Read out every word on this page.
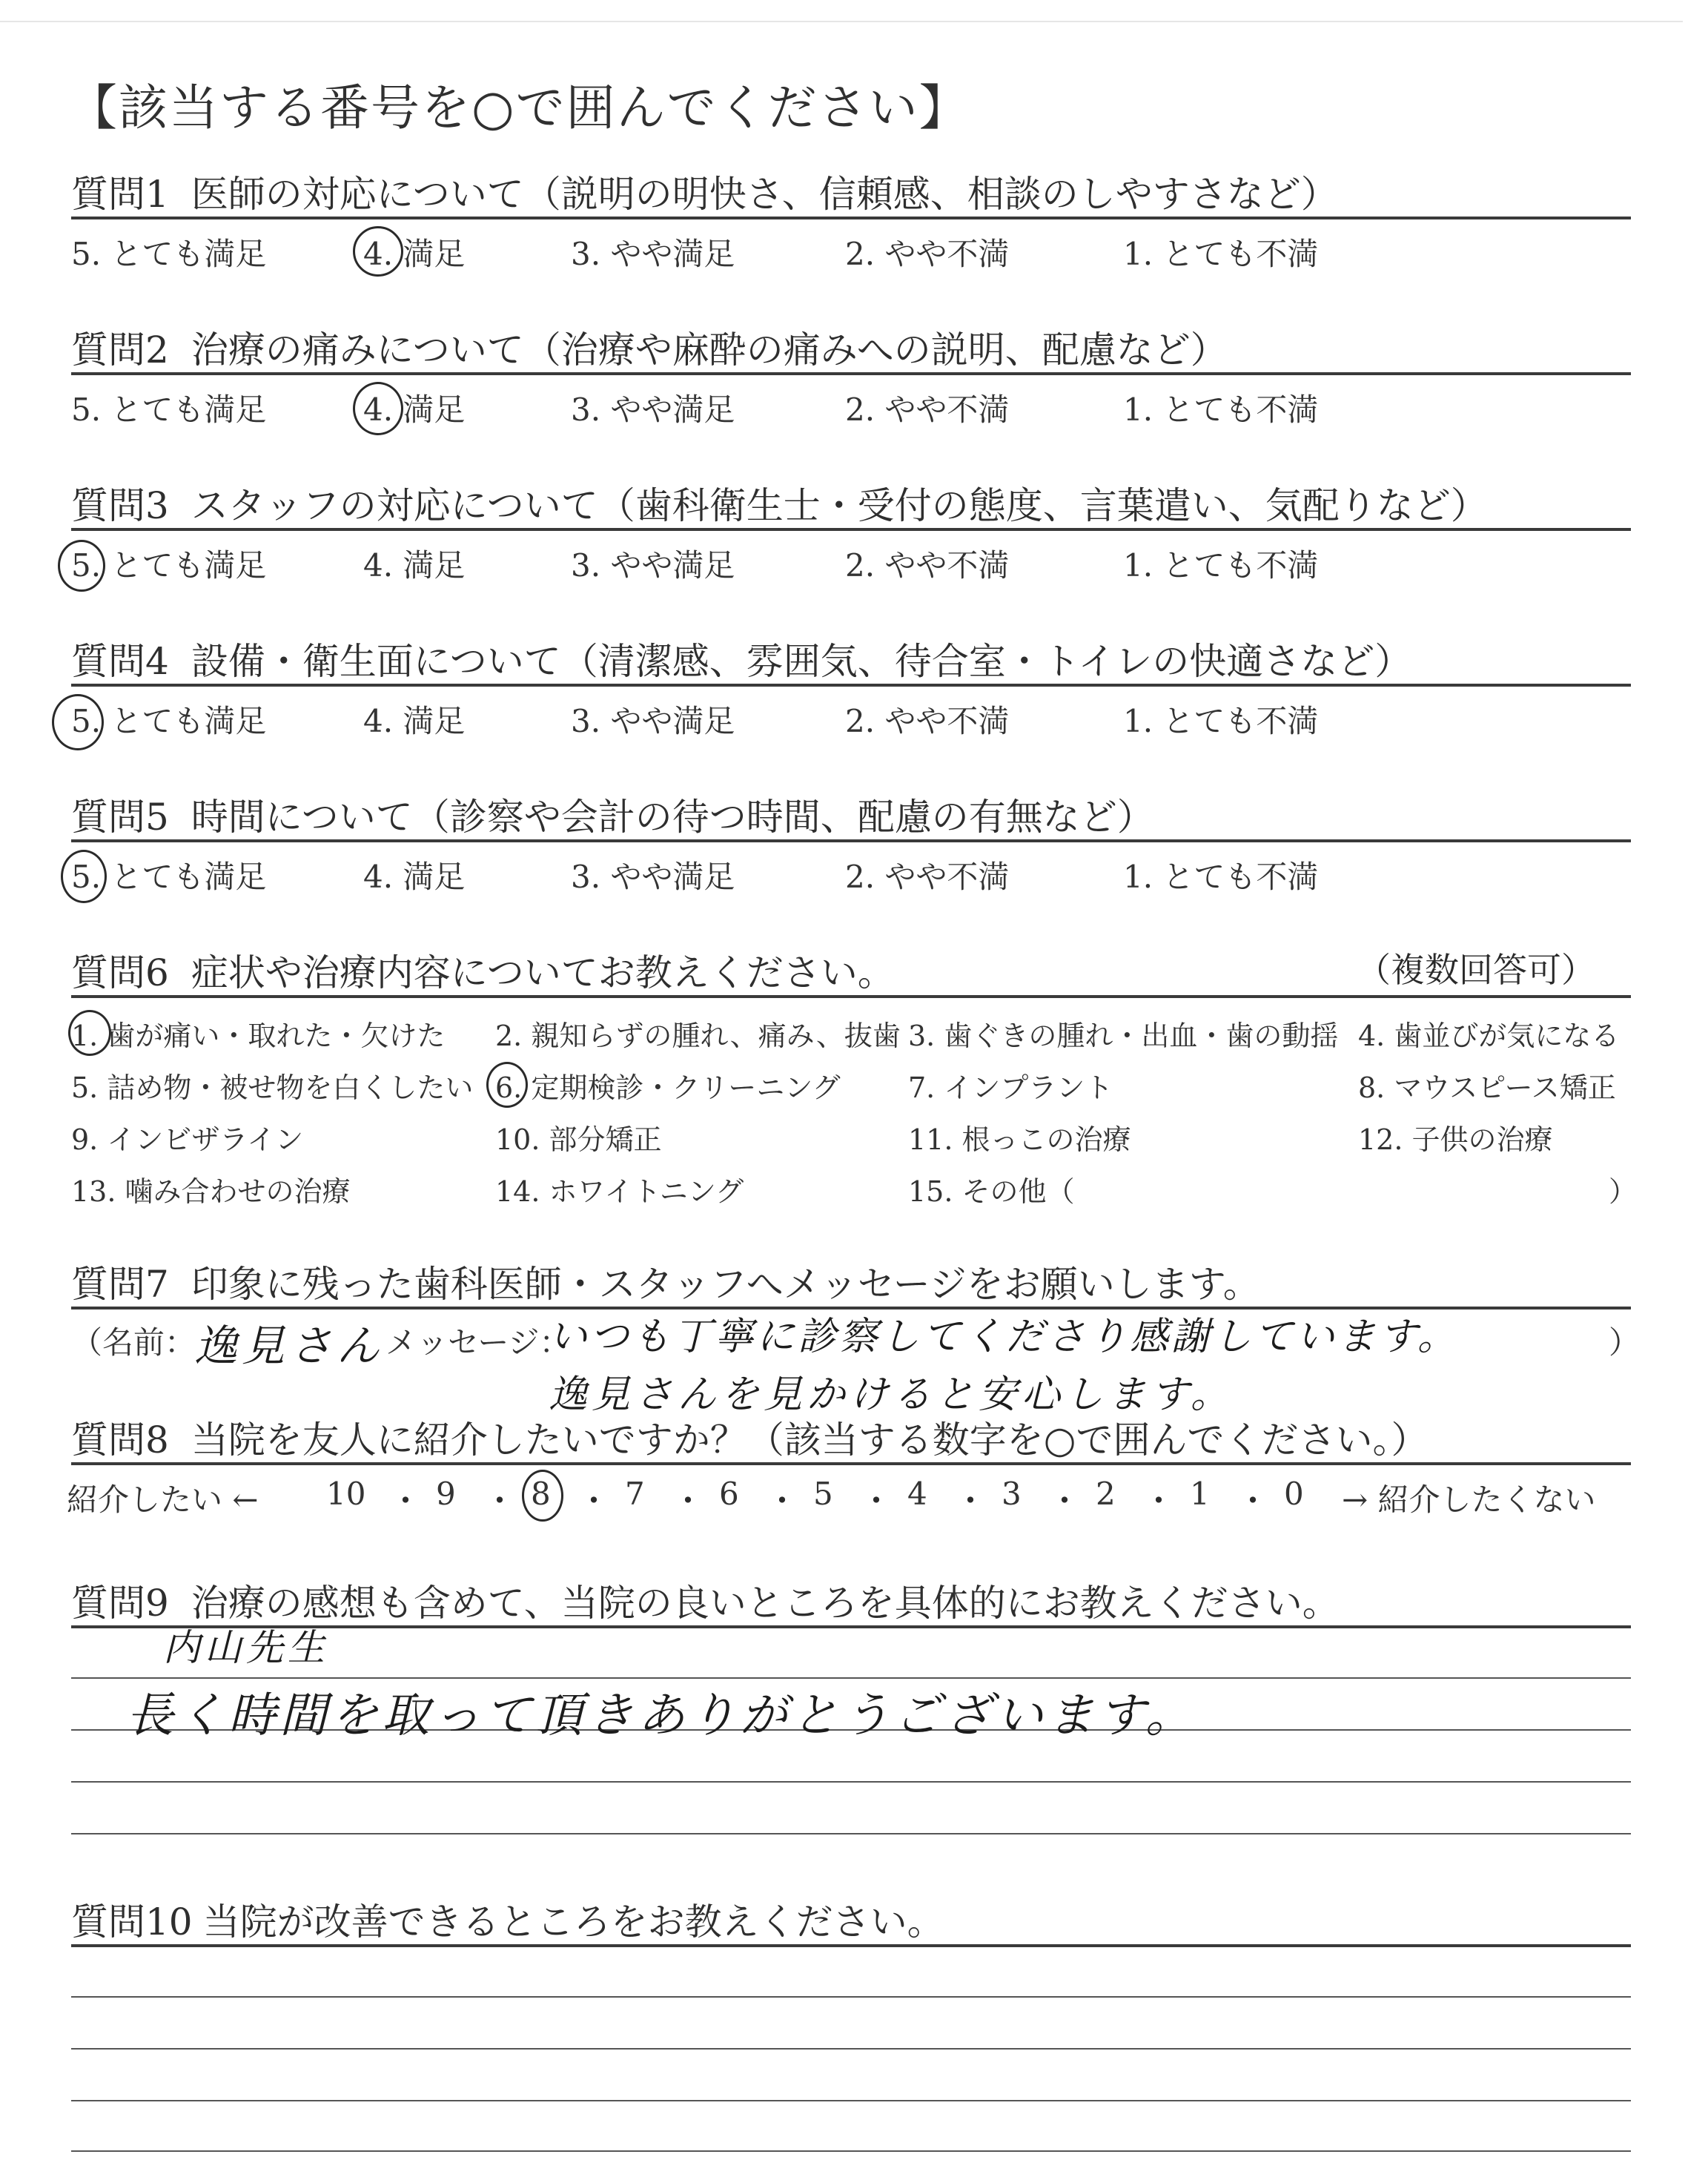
【該当する番号を○で囲んでください】
質問1 医師の対応について（説明の明快さ、信頼感、相談のしやすさなど）
5. とても満足	4. 満足	3. やや満足	2. やや不満	1. とても不満
質問2 治療の痛みについて（治療や麻酔の痛みへの説明、配慮など）
5. とても満足	4. 満足	3. やや満足	2. やや不満	1. とても不満
質問3 スタッフの対応について（歯科衛生士・受付の態度、言葉遣い、気配りなど）
5. とても満足	4. 満足	3. やや満足	2. やや不満	1. とても不満
質問4 設備・衛生面について（清潔感、雰囲気、待合室・トイレの快適さなど）
5. とても満足	4. 満足	3. やや満足	2. やや不満	1. とても不満
質問5 時間について（診察や会計の待つ時間、配慮の有無など）
5. とても満足	4. 満足	3. やや満足	2. やや不満	1. とても不満
質問6 症状や治療内容についてお教えください。	（複数回答可）
1. 歯が痛い・取れた・欠けた 2. 親知らずの腫れ、痛み、抜歯 3. 歯ぐきの腫れ・出血・歯の動揺 4. 歯並びが気になる
5. 詰め物・被せ物を白くしたい 6. 定期検診・クリーニング 7. インプラント	8. マウスピース矯正
9. インビザライン	10. 部分矯正	11. 根っこの治療	12. 子供の治療
13. 噛み合わせの治療	14. ホワイトニング	15. その他（	）
質問7 印象に残った歯科医師・スタッフへメッセージをお願いします。
（名前：	メッセージ：	）
逸見さん	いつも丁寧に診察してくださり感謝しています。
逸見さんを見かけると安心します。
質問8 当院を友人に紹介したいですか？（該当する数字を○で囲んでください。）
紹介したい ←	→ 紹介したくない
10 9 8 7 6 5 4 3 2 1 0
・ ・ ・ ・ ・ ・ ・ ・ ・ ・
質問9 治療の感想も含めて、当院の良いところを具体的にお教えください。
内山先生
長く時間を取って頂きありがとうございます。
質問10 当院が改善できるところをお教えください。
